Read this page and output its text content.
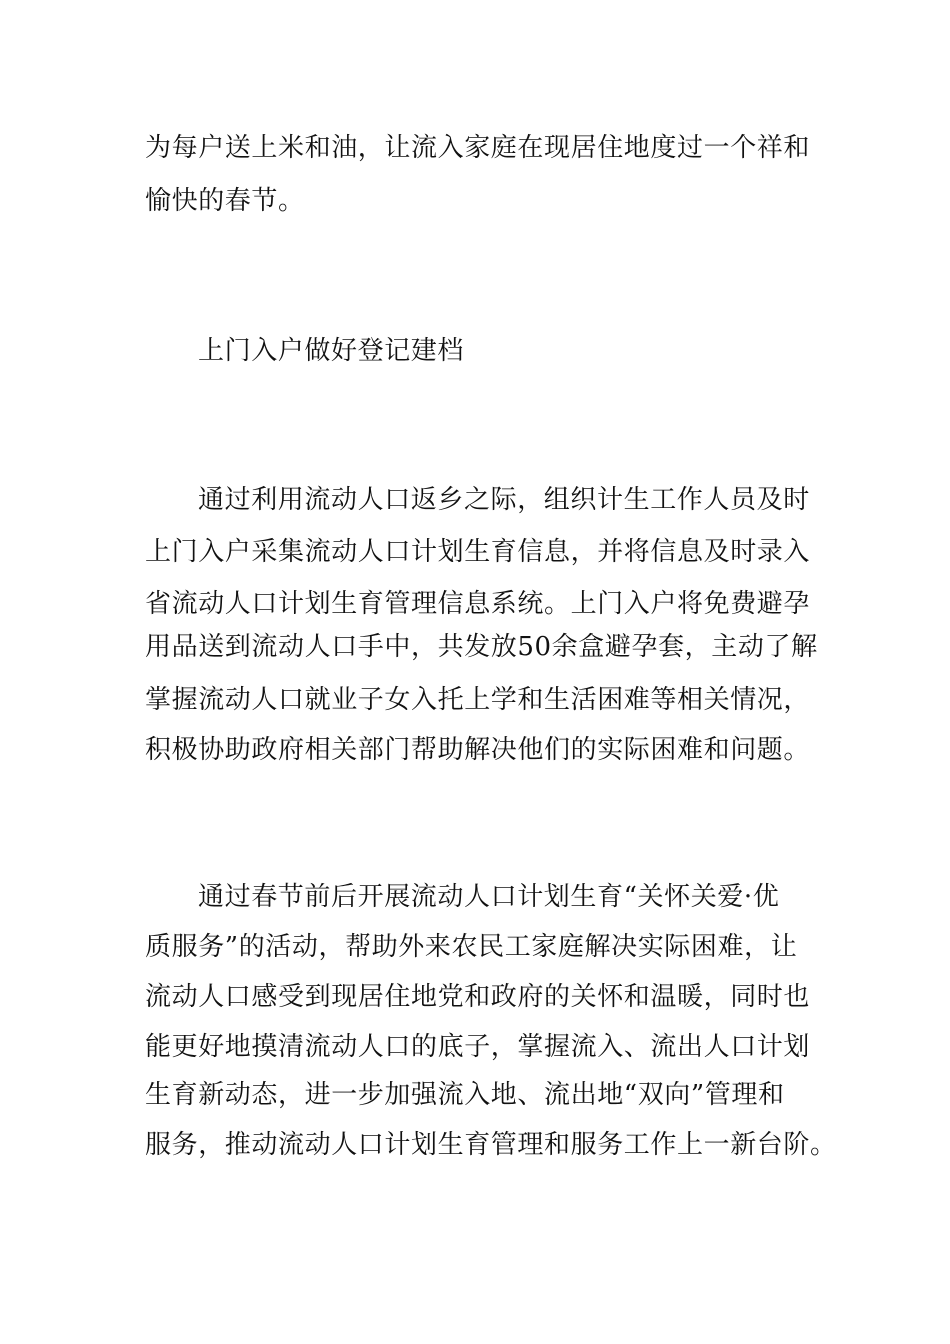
为每户送上米和油，让流入家庭在现居住地度过一个祥和
愉快的春节。
上门入户做好登记建档
通过利用流动人口返乡之际，组织计生工作人员及时
上门入户采集流动人口计划生育信息，并将信息及时录入
省流动人口计划生育管理信息系统。上门入户将免费避孕
用品送到流动人口手中，共发放50余盒避孕套，主动了解
掌握流动人口就业子女入托上学和生活困难等相关情况，
积极协助政府相关部门帮助解决他们的实际困难和问题。
通过春节前后开展流动人口计划生育“关怀关爱·优
质服务”的活动，帮助外来农民工家庭解决实际困难，让
流动人口感受到现居住地党和政府的关怀和温暖，同时也
能更好地摸清流动人口的底子，掌握流入、流出人口计划
生育新动态，进一步加强流入地、流出地“双向”管理和
服务，推动流动人口计划生育管理和服务工作上一新台阶。
